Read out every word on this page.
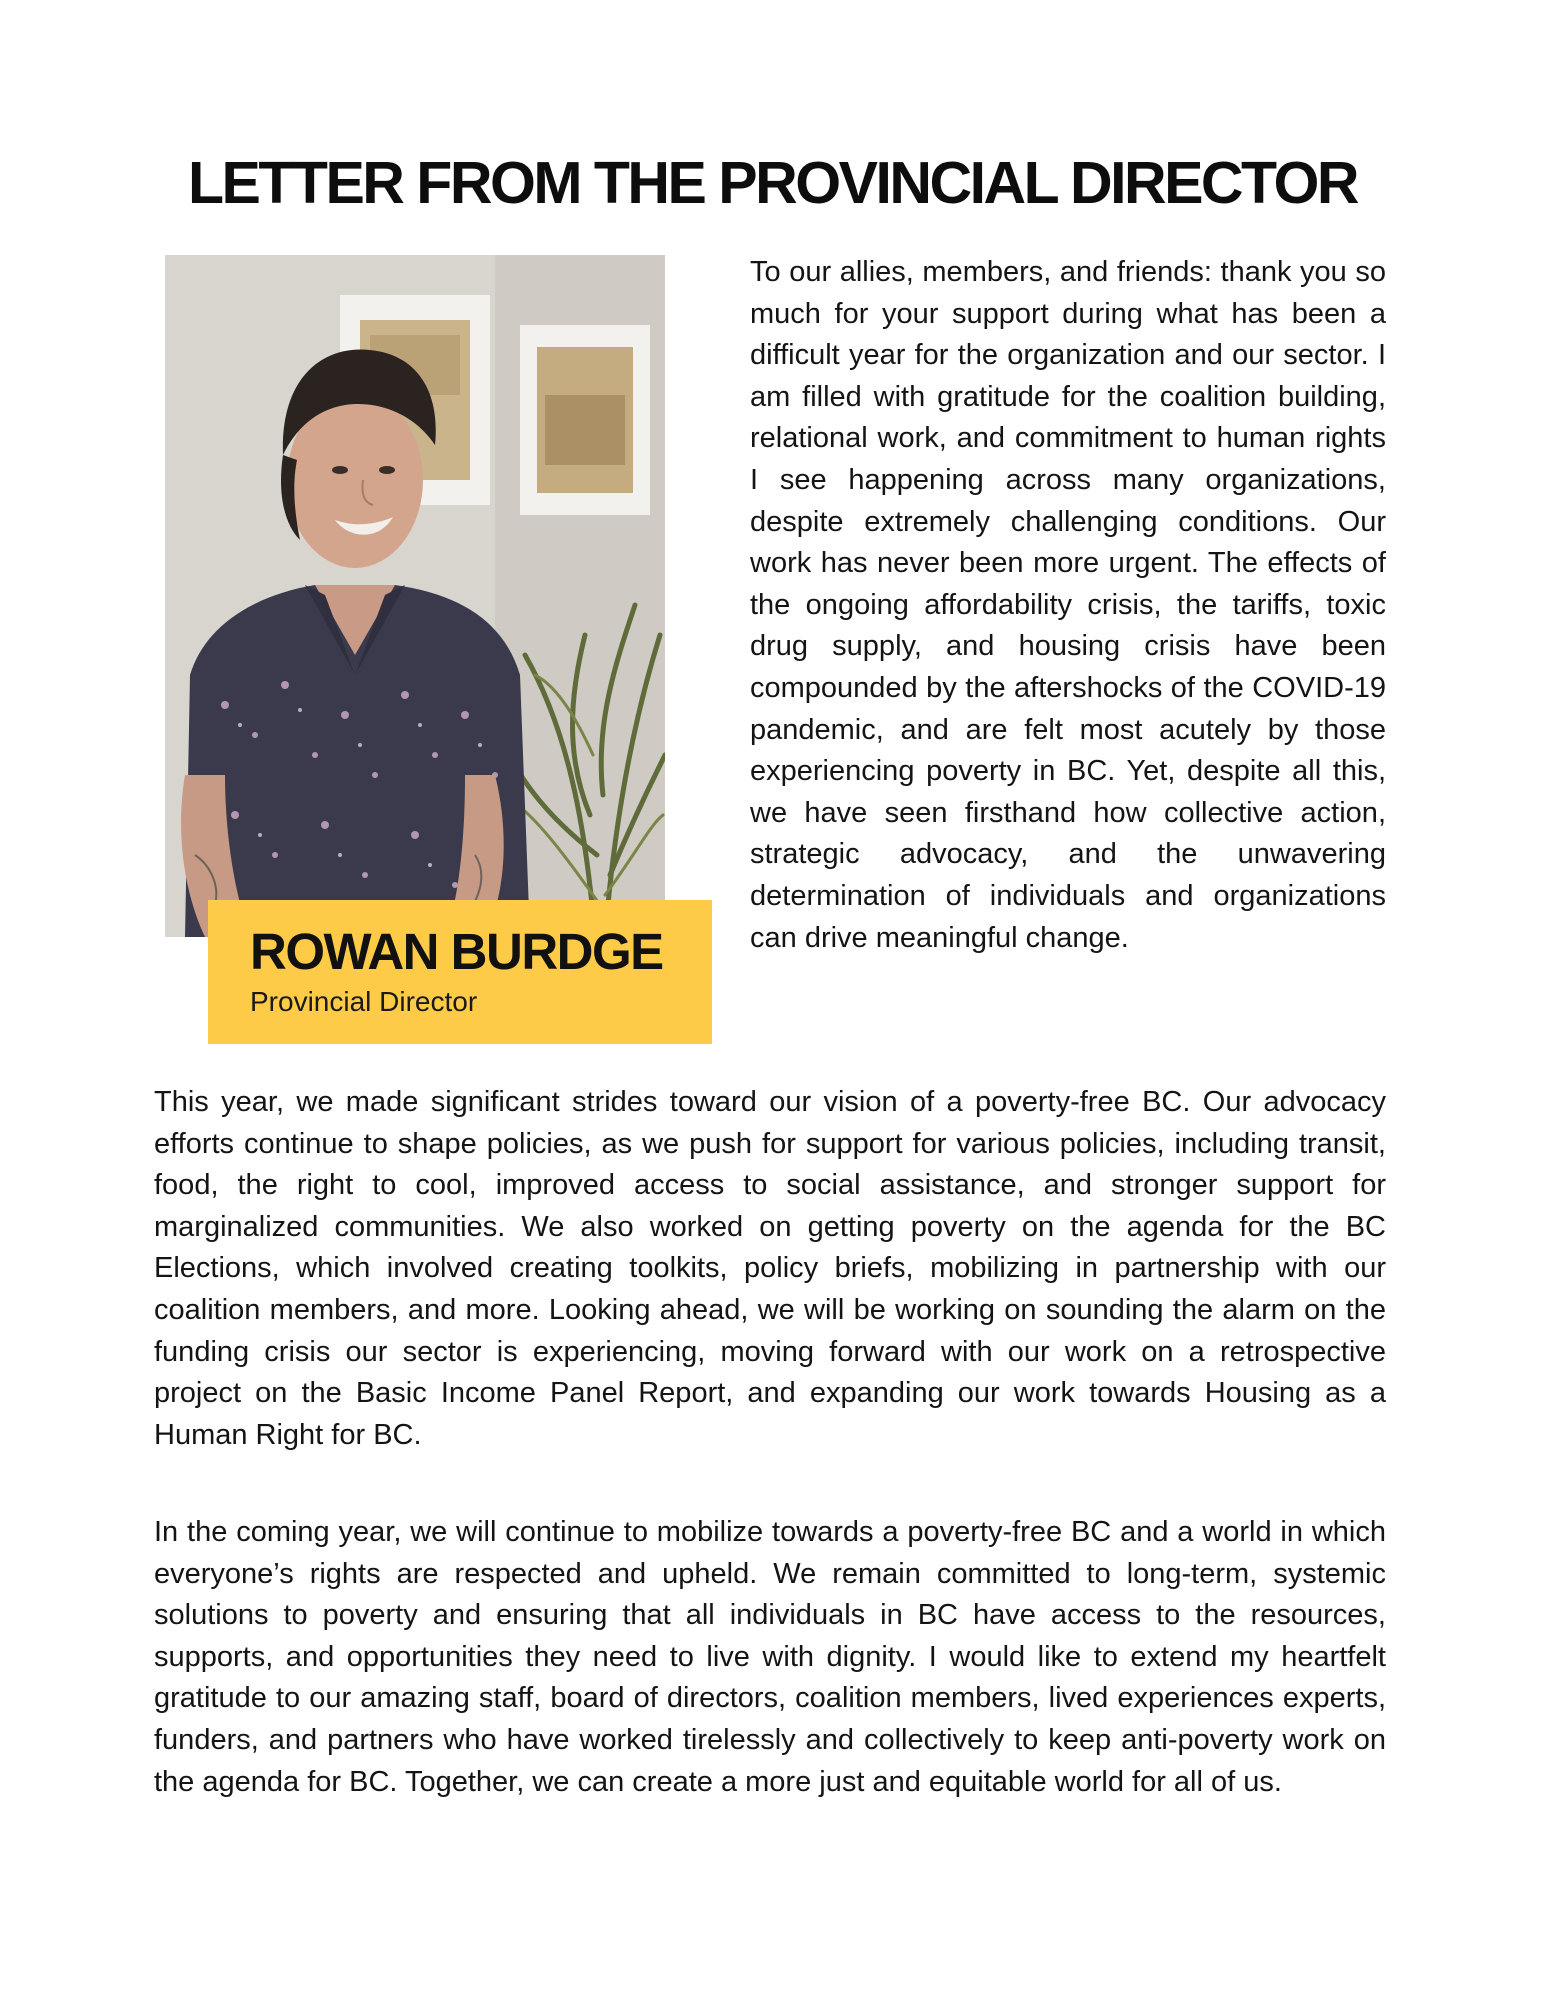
LETTER FROM THE PROVINCIAL DIRECTOR
ROWAN BURDGE
Provincial Director

To our allies, members, and friends: thank you so much for your support during what has been a difficult year for the organization and our sector. I am filled with gratitude for the coalition building, relational work, and commitment to human rights I see happening across many organizations, despite extremely challenging conditions. Our work has never been more urgent. The effects of the ongoing affordability crisis, the tariffs, toxic drug supply, and housing crisis have been compounded by the aftershocks of the COVID-19 pandemic, and are felt most acutely by those experiencing poverty in BC. Yet, despite all this, we have seen firsthand how collective action, strategic advocacy, and the unwavering determination of individuals and organizations can drive meaningful change.

This year, we made significant strides toward our vision of a poverty-free BC. Our advocacy efforts continue to shape policies, as we push for support for various policies, including transit, food, the right to cool, improved access to social assistance, and stronger support for marginalized communities. We also worked on getting poverty on the agenda for the BC Elections, which involved creating toolkits, policy briefs, mobilizing in partnership with our coalition members, and more. Looking ahead, we will be working on sounding the alarm on the funding crisis our sector is experiencing, moving forward with our work on a retrospective project on the Basic Income Panel Report, and expanding our work towards Housing as a Human Right for BC.

In the coming year, we will continue to mobilize towards a poverty-free BC and a world in which everyone’s rights are respected and upheld. We remain committed to long-term, systemic solutions to poverty and ensuring that all individuals in BC have access to the resources, supports, and opportunities they need to live with dignity. I would like to extend my heartfelt gratitude to our amazing staff, board of directors, coalition members, lived experiences experts, funders, and partners who have worked tirelessly and collectively to keep anti-poverty work on the agenda for BC. Together, we can create a more just and equitable world for all of us.
